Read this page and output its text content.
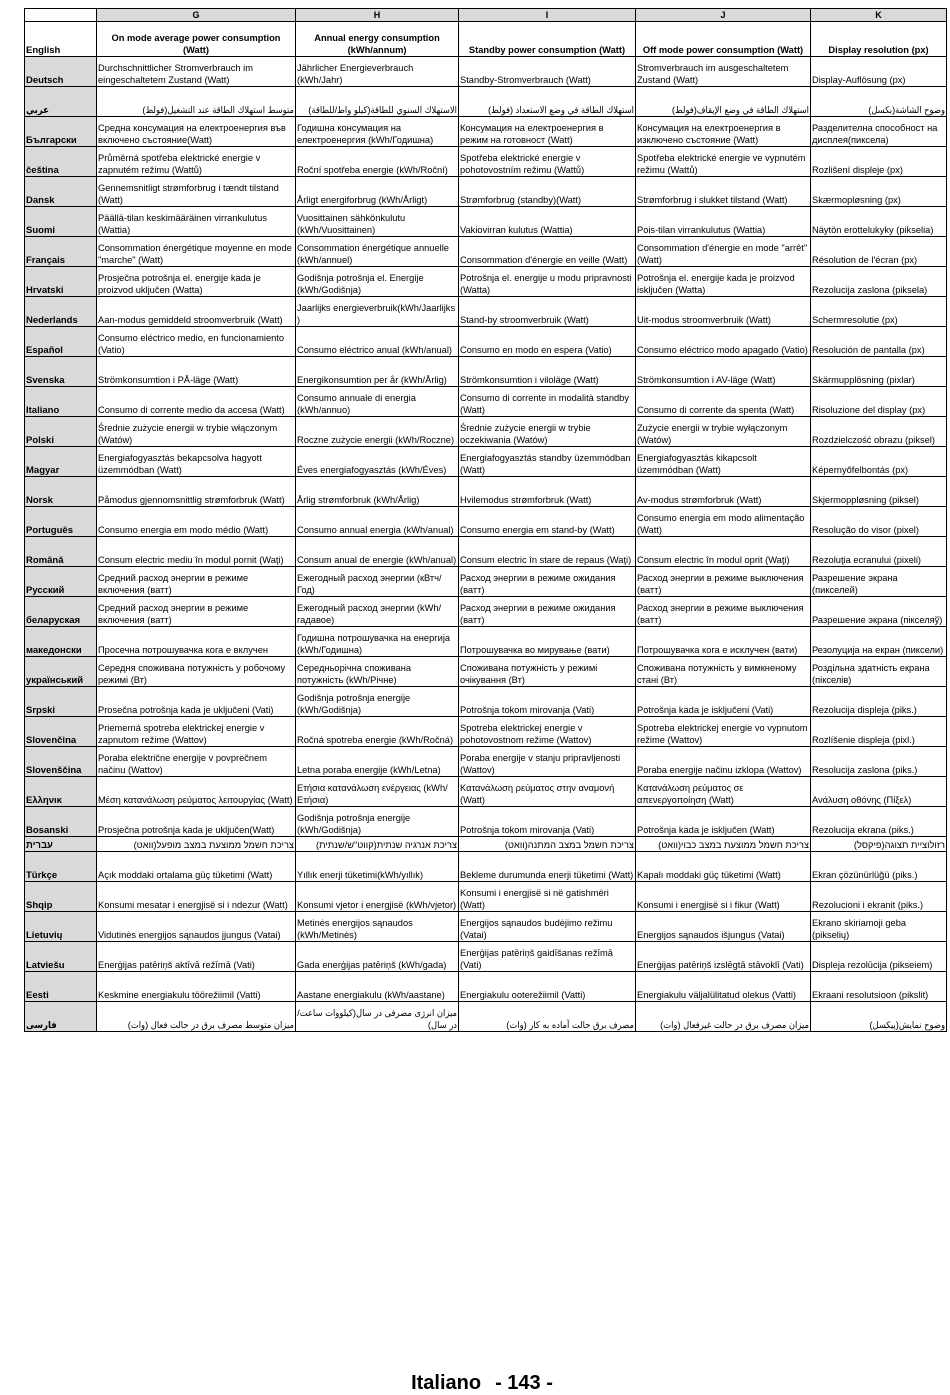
	G	H	I	J	K
English	On mode average power consumption (Watt)	Annual energy consumption (kWh/annum)	Standby power consumption (Watt)	Off mode power consumption (Watt)	Display resolution (px)
Deutsch	Durchschnittlicher Stromverbrauch im eingeschaltetem Zustand (Watt)	Jährlicher Energieverbrauch (kWh/Jahr)	Standby-Stromverbrauch (Watt)	Stromverbrauch im ausgeschaltetem Zustand (Watt)	Display-Auflösung (px)
عربي	متوسط استهلاك الطاقة عند التشغيل(فولط)	الاستهلاك السنوي للطاقة(كيلو واط/للطاقة)	استهلاك الطاقة في وضع الاستعداد (فولط)	استهلاك الطاقة في وضع الإيقاف(فولط)	وضوح الشاشة(بكسل)
Български	Средна консумация на електроенергия във включено състояние(Watt)	Годишна консумация на електроенергия (kWh/Годишна)	Консумация на електроенергия в режим на готовност (Watt)	Консумация на електроенергия в изключено състояние (Watt)	Разделителна способност на дисплея(пиксела)
čeština	Průměrná spotřeba elektrické energie v zapnutém režimu (Wattů)	Roční spotřeba energie (kWh/Roční)	Spotřeba elektrické energie v pohotovostním režimu (Wattů)	Spotřeba elektrické energie ve vypnutém režimu (Wattů)	Rozlišení displeje (px)
Dansk	Gennemsnitligt strømforbrug i tændt tilstand (Watt)	Årligt energiforbrug (kWh/Årligt)	Strømforbrug (standby)(Watt)	Strømforbrug i slukket tilstand (Watt)	Skærmopløsning (px)
Suomi	Päällä-tilan keskimääräinen virrankulutus (Wattia)	Vuosittainen sähkönkulutu (kWh/Vuosittainen)	Vakiovirran kulutus (Wattia)	Pois-tilan virrankulutus (Wattia)	Näytön erottelukyky (pikselia)
Français	Consommation énergétique moyenne en mode "marche" (Watt)	Consommation énergétique annuelle (kWh/annuel)	Consommation d'énergie en veille (Watt)	Consommation d'énergie en mode "arrêt" (Watt)	Résolution de l'écran (px)
Hrvatski	Prosječna potrošnja el. energije kada je proizvod uključen (Watta)	Godišnja potrošnja el. Energije (kWh/Godišnja)	Potrošnja el. energije u modu pripravnosti (Watta)	Potrošnja el. energije kada je proizvod isključen (Watta)	Rezolucija zaslona (piksela)
Nederlands	Aan-modus gemiddeld stroomverbruik (Watt)	Jaarlijks energieverbruik(kWh/Jaarlijks )	Stand-by stroomverbruik (Watt)	Uit-modus stroomverbruik (Watt)	Schermresolutie (px)
Español	Consumo eléctrico medio, en funcionamiento (Vatio)	Consumo eléctrico anual (kWh/anual)	Consumo en modo en espera (Vatio)	Consumo eléctrico modo apagado (Vatio)	Resolución de pantalla (px)
Svenska	Strömkonsumtion i PÅ-läge (Watt)	Energikonsumtion per år (kWh/Årlig)	Strömkonsumtion i viloläge (Watt)	Strömkonsumtion i AV-läge (Watt)	Skärmupplösning (pixlar)
Italiano	Consumo di corrente medio da accesa (Watt)	Consumo annuale di energia (kWh/annuo)	Consumo di corrente in modalità standby (Watt)	Consumo di corrente da spenta (Watt)	Risoluzione del display (px)
Polski	Średnie zużycie energii w trybie włączonym (Watów)	Roczne zużycie energii (kWh/Roczne)	Średnie zużycie energii w trybie oczekiwania (Watów)	Zużycie energii w trybie wyłączonym (Watów)	Rozdzielczość obrazu (piksel)
Magyar	Energiafogyasztás bekapcsolva hagyott üzemmódban (Watt)	Éves energiafogyasztás (kWh/Éves)	Energiafogyasztás standby üzemmódban (Watt)	Energiafogyasztás kikapcsolt üzemmódban (Watt)	Képernyőfelbontás (px)
Norsk	Påmodus gjennomsnittlig strømforbruk (Watt)	Årlig strømforbruk (kWh/Årlig)	Hvilemodus strømforbruk (Watt)	Av-modus strømforbruk (Watt)	Skjermoppløsning (piksel)
Português	Consumo energia em modo médio (Watt)	Consumo annual energia (kWh/anual)	Consumo energia em stand-by (Watt)	Consumo energia em modo alimentação (Watt)	Resolução do visor (pixel)
Română	Consum electric mediu în modul pornit (Waţi)	Consum anual de energie (kWh/anual)	Consum electric în stare de repaus (Waţi)	Consum electric în modul oprit (Waţi)	Rezoluţia ecranului (pixeli)
Русский	Средний расход энергии в режиме включения (ватт)	Ежегодный расход энергии (кВтч/Год)	Расход энергии в режиме ожидания (ватт)	Расход энергии в режиме выключения (ватт)	Разрешение экрана (пикселей)
беларуская	Средний расход энергии в режиме включения (ватт)	Ежегодный расход энергии (kWh/гадавое)	Расход энергии в режиме ожидания (ватт)	Расход энергии в режиме выключения (ватт)	Разрешение экрана (пікселяў)
македонски	Просечна потрошувачка кога е вклучен	Годишна потрошувачка на енергија (kWh/Годишна)	Потрошувачка во мирување (вати)	Потрошувачка кога е исклучен (вати)	Резолуција на екран (пиксели)
український	Середня споживана потужність у робочому режимі (Вт)	Середньорічна споживана потужність (kWh/Річне)	Споживана потужність у режимі очікування (Вт)	Споживана потужність у вимкненому стані (Вт)	Роздільна здатність екрана (пікселів)
Srpski	Prosečna potrošnja kada je uključeni (Vati)	Godišnja potrošnja energije (kWh/Godišnja)	Potrošnja tokom mirovanja (Vati)	Potrošnja kada je isključeni (Vati)	Rezolucija displeja (piks.)
Slovenčina	Priemerná spotreba elektrickej energie v zapnutom režime (Wattov)	Ročná spotreba energie (kWh/Ročná)	Spotreba elektrickej energie v pohotovostnom režime (Wattov)	Spotreba elektrickej energie vo vypnutom režime (Wattov)	Rozlíšenie displeja (pixl.)
Slovenščina	Poraba električne energije v povprečnem načinu (Wattov)	Letna poraba energije (kWh/Letna)	Poraba energije v stanju pripravljenosti (Wattov)	Poraba energije načinu izklopa (Wattov)	Resolucija zaslona (piks.)
Ελληνικ	Μέση κατανάλωση ρεύματος λειτουργίας (Watt)	Ετήσια κατανάλωση ενέργειας (kWh/Ετήσια)	Κατανάλωση ρεύματος στην αναμονή (Watt)	Κατανάλωση ρεύματος σε απενεργοποίηση (Watt)	Ανάλυση οθόνης (Πίξελ)
Bosanski	Prosječna potrošnja kada je uključen(Watt)	Godišnja potrošnja energije (kWh/Godišnja)	Potrošnja tokom mirovanja (Vati)	Potrošnja kada je isključen (Watt)	Rezolucija ekrana (piks.)
עברית	צריכת חשמל ממוצעת במצב מופעל(וואט)	צריכת אנרגיה שנתית(קווט"ש/שנתית)	צריכת חשמל במצב המתנה(וואט)	צריכת חשמל ממוצעת במצב כבוי(וואט)	רזולוציית תצוגה(פיקסל)
Türkçe	Açık moddaki ortalama güç tüketimi (Watt)	Yıllık enerji tüketimi(kWh/yıllık)	Bekleme durumunda enerji tüketimi (Watt)	Kapalı moddaki güç tüketimi (Watt)	Ekran çözünürlüğü (piks.)
Shqip	Konsumi mesatar i energjisë si i ndezur (Watt)	Konsumi vjetor i energjisë (kWh/vjetor)	Konsumi i energjisë si në gatishmëri (Watt)	Konsumi i energjisë si i fikur (Watt)	Rezolucioni i ekranit (piks.)
Lietuvių	Vidutinės energijos sąnaudos įjungus (Vatai)	Metinės energijos sąnaudos (kWh/Metinės)	Energijos sąnaudos budėjimo režimu (Vatai)	Energijos sąnaudos išjungus (Vatai)	Ekrano skiriamoji geba (pikselių)
Latviešu	Enerģijas patēriņš aktīvā režīmā (Vati)	Gada enerģijas patēriņš (kWh/gada)	Enerģijas patēriņš gaidīšanas režīmā (Vati)	Enerģijas patēriņš izslēgtā stāvoklī (Vati)	Displeja rezolūcija (pikseiem)
Eesti	Keskmine energiakulu töörežiimil (Vatti)	Aastane energiakulu (kWh/aastane)	Energiakulu ooterežiimil (Vatti)	Energiakulu väljalülitatud olekus (Vatti)	Ekraani resolutsioon (pikslit)
فارسی	میزان متوسط مصرف برق در حالت فعال (وات)	میزان انرژی مصرفی در سال(کیلووات ساعت/در سال)	مصرف برق حالت آماده به کار (وات)	میزان مصرف برق در حالت غیرفعال (وات)	وضوح نمایش(پیکسل)
Italiano - 143 -
